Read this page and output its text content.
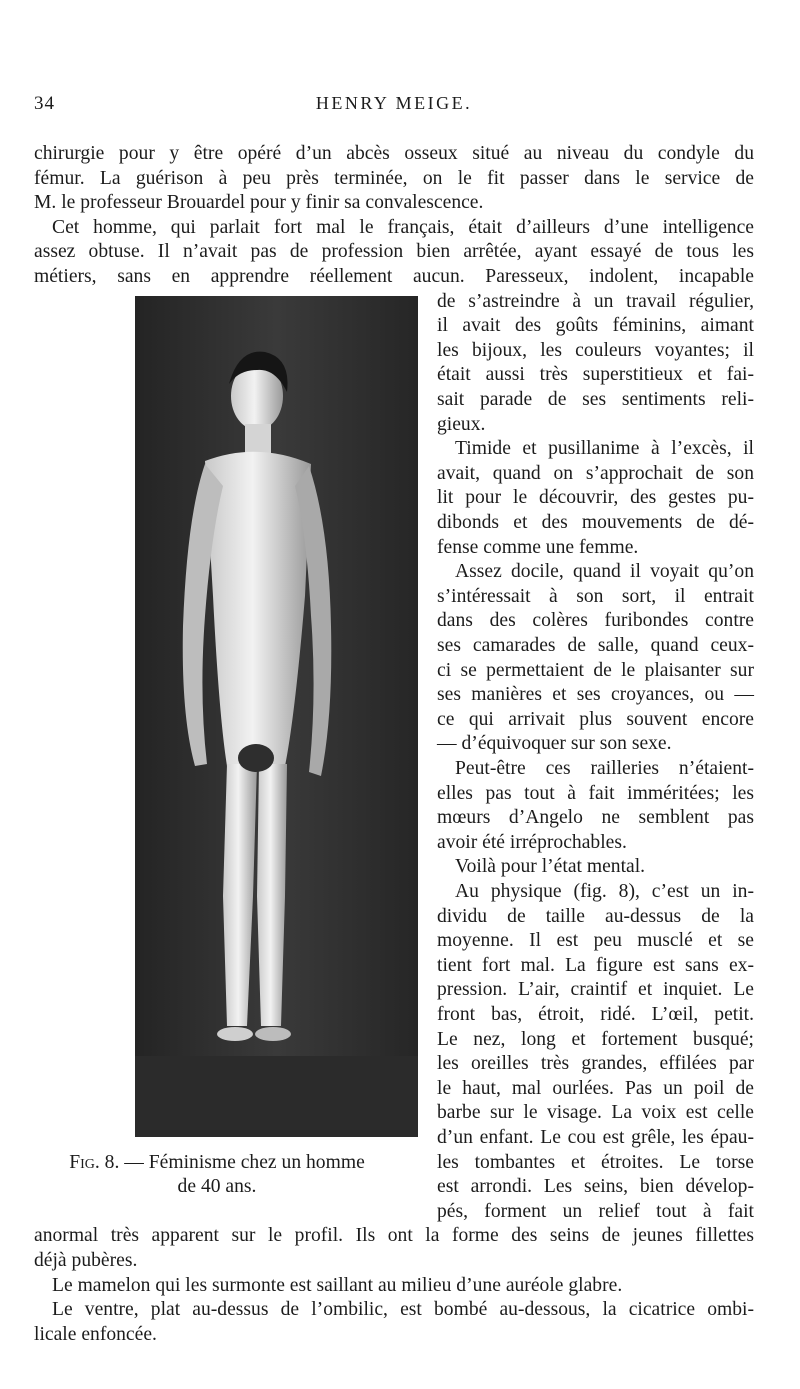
34	HENRY MEIGE.
chirurgie pour y être opéré d’un abcès osseux situé au niveau du condyle du
fémur. La guérison à peu près terminée, on le fit passer dans le service de
M. le professeur Brouardel pour y finir sa convalescence.
Cet homme, qui parlait fort mal le français, était d’ailleurs d’une intelligence
assez obtuse. Il n’avait pas de profession bien arrêtée, ayant essayé de tous les
métiers, sans en apprendre réellement aucun. Paresseux, indolent, incapable
de s’astreindre à un travail régulier,
il avait des goûts féminins, aimant
les bijoux, les couleurs voyantes; il
était aussi très superstitieux et fai-
sait parade de ses sentiments reli-
gieux.
Timide et pusillanime à l’excès, il
avait, quand on s’approchait de son
lit pour le découvrir, des gestes pu-
dibonds et des mouvements de dé-
fense comme une femme.
Assez docile, quand il voyait qu’on
s’intéressait à son sort, il entrait
dans des colères furibondes contre
ses camarades de salle, quand ceux-
ci se permettaient de le plaisanter sur
ses manières et ses croyances, ou —
ce qui arrivait plus souvent encore
— d’équivoquer sur son sexe.
Peut-être ces railleries n’étaient-
elles pas tout à fait imméritées; les
mœurs d’Angelo ne semblent pas
avoir été irréprochables.
Voilà pour l’état mental.
Au physique (fig. 8), c’est un in-
dividu de taille au-dessus de la
moyenne. Il est peu musclé et se
tient fort mal. La figure est sans ex-
pression. L’air, craintif et inquiet. Le
front bas, étroit, ridé. L’œil, petit.
Le nez, long et fortement busqué;
les oreilles très grandes, effilées par
le haut, mal ourlées. Pas un poil de
barbe sur le visage. La voix est celle
d’un enfant. Le cou est grêle, les épau-
les tombantes et étroites. Le torse
est arrondi. Les seins, bien dévelop-
pés, forment un relief tout à fait
Fig. 8. — Féminisme chez un homme
de 40 ans.
anormal très apparent sur le profil. Ils ont la forme des seins de jeunes fillettes
déjà pubères.
Le mamelon qui les surmonte est saillant au milieu d’une auréole glabre.
Le ventre, plat au-dessus de l’ombilic, est bombé au-dessous, la cicatrice ombi-
licale enfoncée.
